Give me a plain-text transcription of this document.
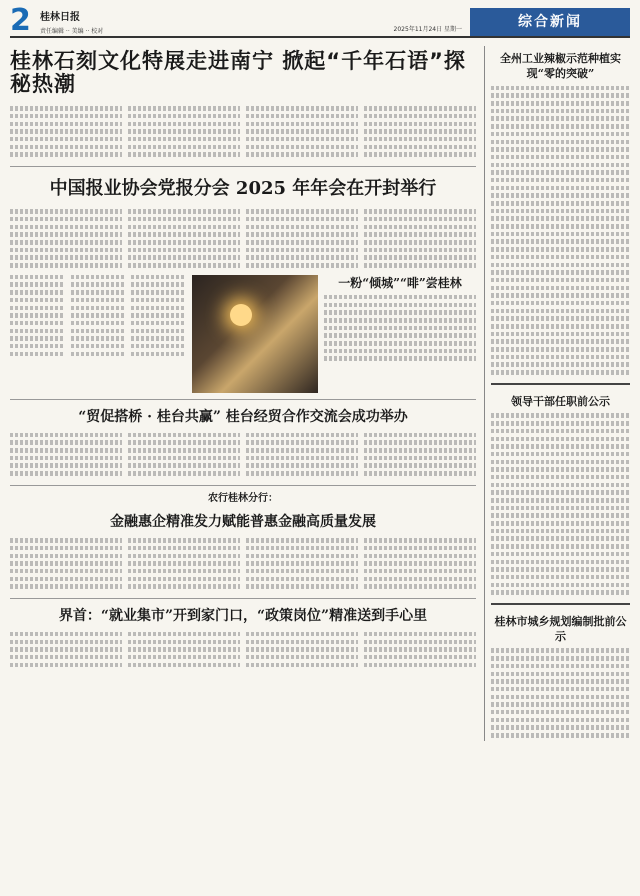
2 桂林日报
责任编辑 ·· 美编 ·· 校对	2025年11月24日 星期一	综合新闻
桂林石刻文化特展走进南宁 掀起“千年石语”探秘热潮
中国报业协会党报分会 2025 年年会在开封举行
一粉“倾城”“啡”尝桂林
“贸促搭桥 · 桂台共赢” 桂台经贸合作交流会成功举办
农行桂林分行：
金融惠企精准发力赋能普惠金融高质量发展
界首：“就业集市”开到家门口，“政策岗位”精准送到手心里
全州工业辣椒示范种植实现“零的突破”
领导干部任职前公示
桂林市城乡规划编制批前公示
